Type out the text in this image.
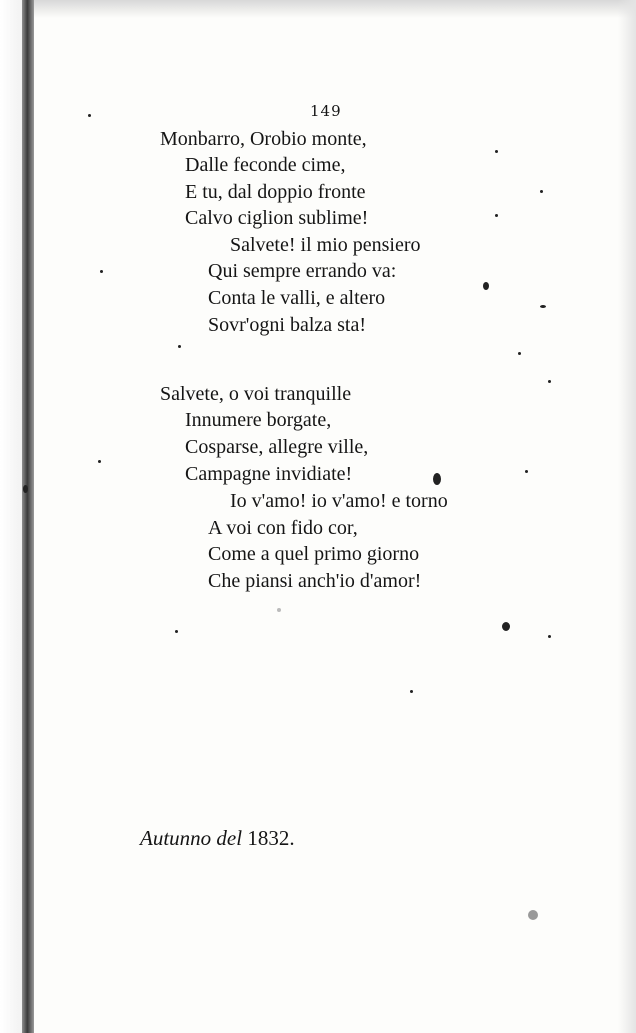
149
Monbarro, Orobio monte,
Dalle feconde cime,
E tu, dal doppio fronte
Calvo ciglion sublime!
Salvete! il mio pensiero
Qui sempre errando va:
Conta le valli, e altero
Sovr'ogni balza sta!
Salvete, o voi tranquille
Innumere borgate,
Cosparse, allegre ville,
Campagne invidiate!
Io v'amo! io v'amo! e torno
A voi con fido cor,
Come a quel primo giorno
Che piansi anch'io d'amor!
Autunno del 1832.
